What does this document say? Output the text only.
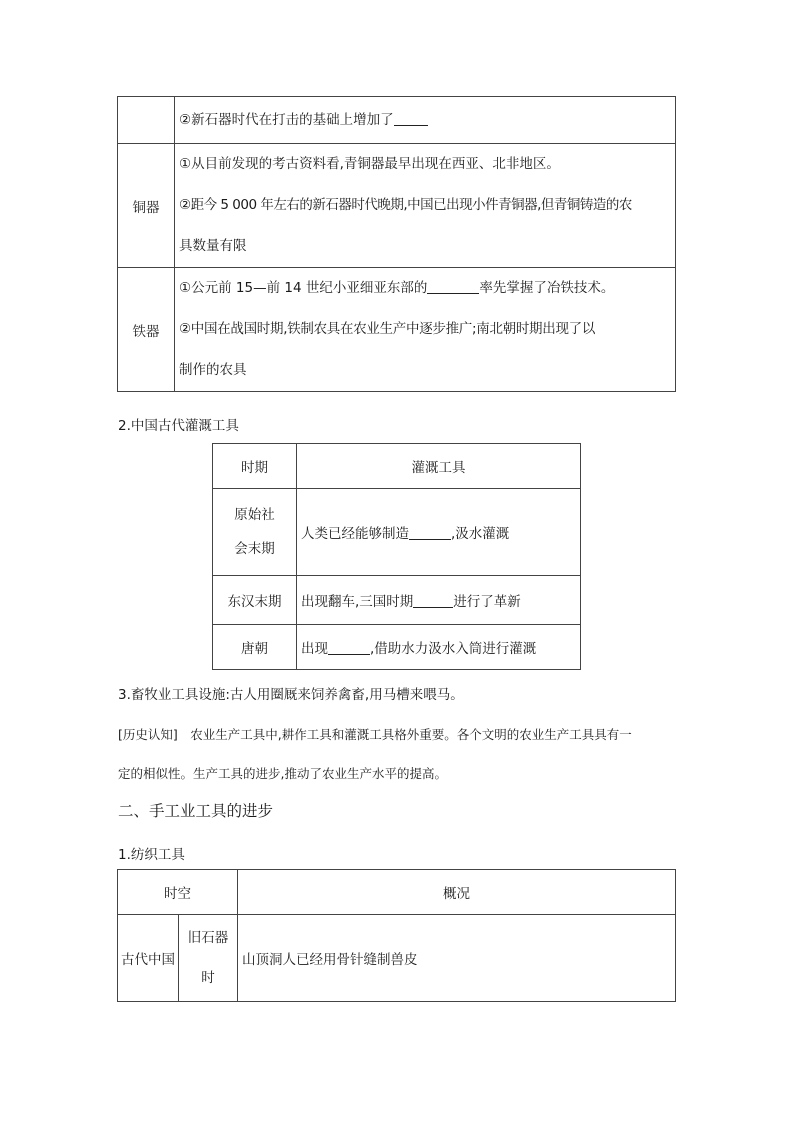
	②新石器时代在打击的基础上增加了

铜器	①从目前发现的考古资料看,青铜器最早出现在西亚、北非地区。
②距今 5 000 年左右的新石器时代晚期,中国已出现小件青铜器,但青铜铸造的农
具数量有限

铁器	①公元前 15—前 14 世纪小亚细亚东部的 率先掌握了冶铁技术。
②中国在战国时期,铁制农具在农业生产中逐步推广;南北朝时期出现了以
制作的农具
2.中国古代灌溉工具
时期	灌溉工具

原始社
会末期	人类已经能够制造 ,汲水灌溉
东汉末期	出现翻车,三国时期 进行了革新
唐朝	出现 ,借助水力汲水入筒进行灌溉
3.畜牧业工具设施:古人用圈厩来饲养禽畜,用马槽来喂马。
[历史认知]　农业生产工具中,耕作工具和灌溉工具格外重要。各个文明的农业生产工具具有一
定的相似性。生产工具的进步,推动了农业生产水平的提高。
二、手工业工具的进步
1.纺织工具
时空		概况
古代中国	旧石器
时	山顶洞人已经用骨针缝制兽皮
